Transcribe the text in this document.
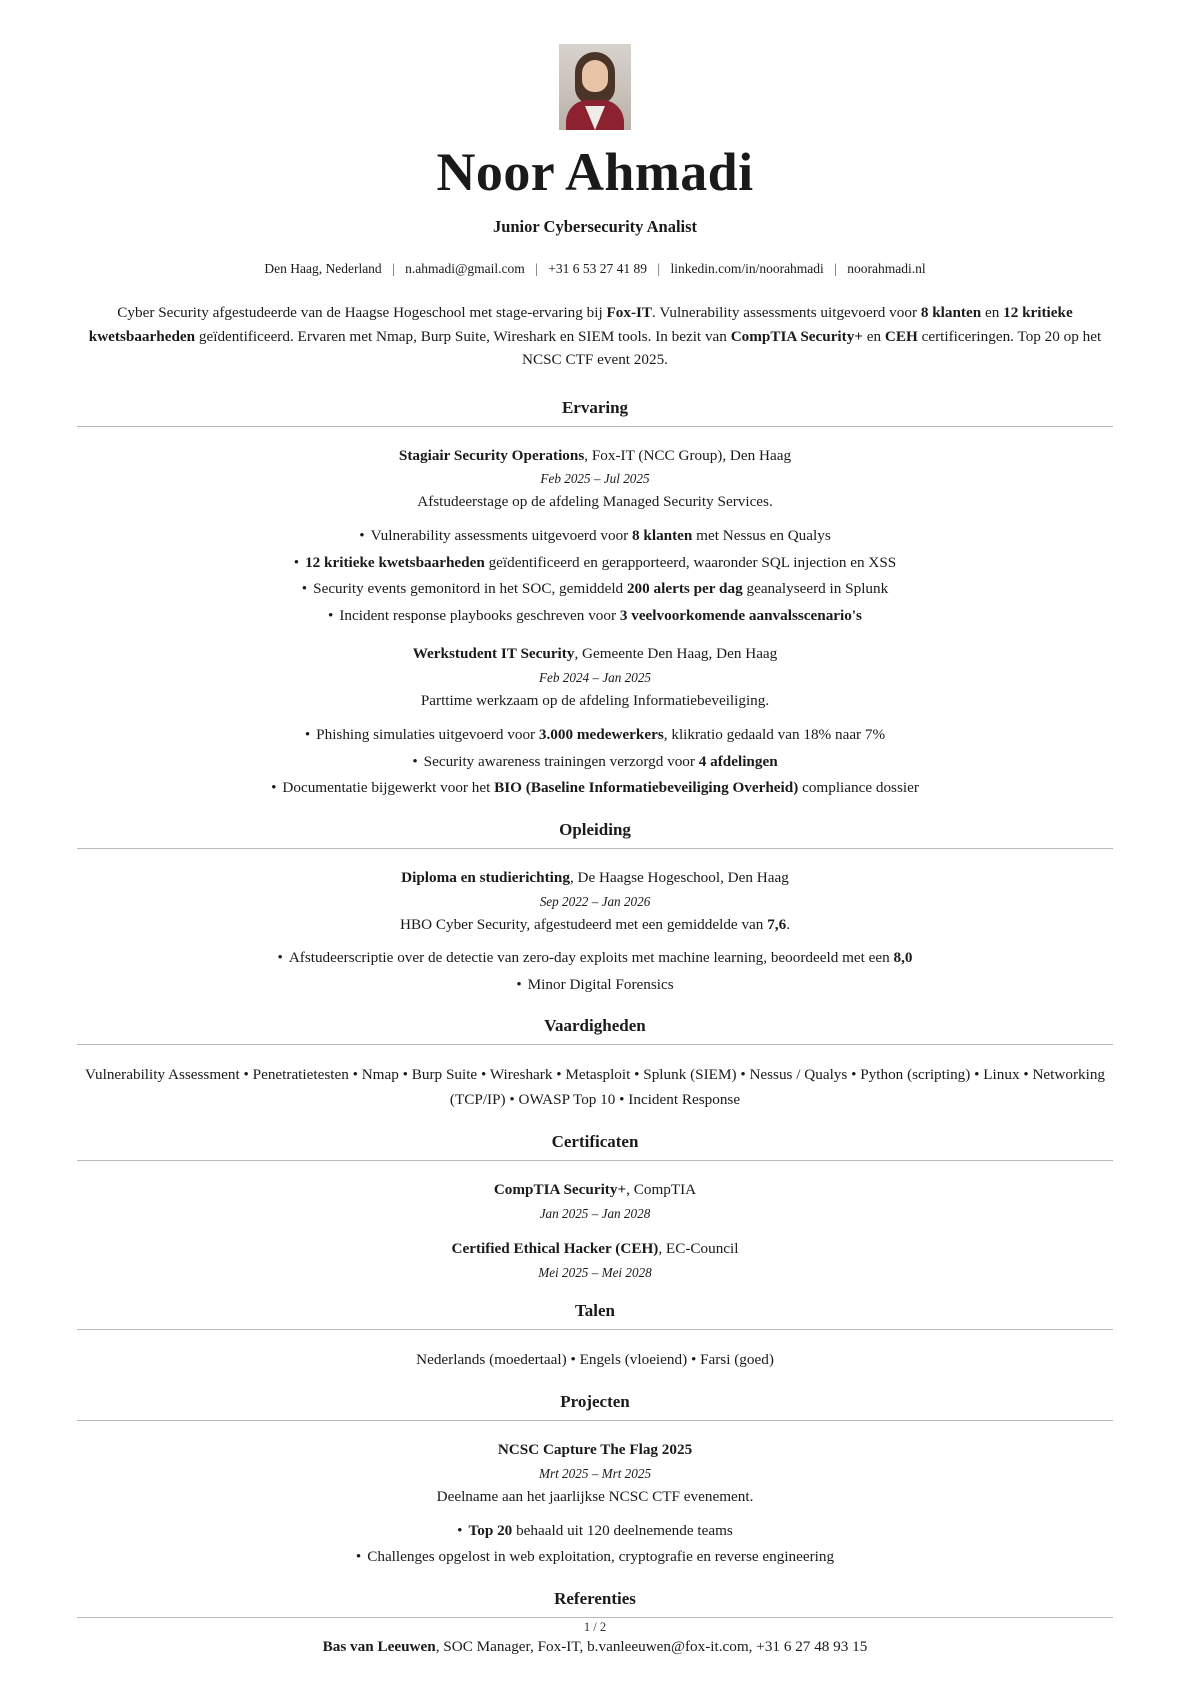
Noor Ahmadi
Junior Cybersecurity Analist
Den Haag, Nederland | n.ahmadi@gmail.com | +31 6 53 27 41 89 | linkedin.com/in/noorahmadi | noorahmadi.nl
Cyber Security afgestudeerde van de Haagse Hogeschool met stage-ervaring bij Fox-IT. Vulnerability assessments uitgevoerd voor 8 klanten en 12 kritieke kwetsbaarheden geïdentificeerd. Ervaren met Nmap, Burp Suite, Wireshark en SIEM tools. In bezit van CompTIA Security+ en CEH certificeringen. Top 20 op het NCSC CTF event 2025.
Ervaring
Stagiair Security Operations, Fox-IT (NCC Group), Den Haag
Feb 2025 – Jul 2025
Afstudeerstage op de afdeling Managed Security Services.
• Vulnerability assessments uitgevoerd voor 8 klanten met Nessus en Qualys
• 12 kritieke kwetsbaarheden geïdentificeerd en gerapporteerd, waaronder SQL injection en XSS
• Security events gemonitord in het SOC, gemiddeld 200 alerts per dag geanalyseerd in Splunk
• Incident response playbooks geschreven voor 3 veelvoorkomende aanvalsscenario's
Werkstudent IT Security, Gemeente Den Haag, Den Haag
Feb 2024 – Jan 2025
Parttime werkzaam op de afdeling Informatiebeveiliging.
• Phishing simulaties uitgevoerd voor 3.000 medewerkers, klikratio gedaald van 18% naar 7%
• Security awareness trainingen verzorgd voor 4 afdelingen
• Documentatie bijgewerkt voor het BIO (Baseline Informatiebeveiliging Overheid) compliance dossier
Opleiding
Diploma en studierichting, De Haagse Hogeschool, Den Haag
Sep 2022 – Jan 2026
HBO Cyber Security, afgestudeerd met een gemiddelde van 7,6.
• Afstudeerscriptie over de detectie van zero-day exploits met machine learning, beoordeeld met een 8,0
• Minor Digital Forensics
Vaardigheden
Vulnerability Assessment • Penetratietesten • Nmap • Burp Suite • Wireshark • Metasploit • Splunk (SIEM) • Nessus / Qualys • Python (scripting) • Linux • Networking (TCP/IP) • OWASP Top 10 • Incident Response
Certificaten
CompTIA Security+, CompTIA
Jan 2025 – Jan 2028
Certified Ethical Hacker (CEH), EC-Council
Mei 2025 – Mei 2028
Talen
Nederlands (moedertaal) • Engels (vloeiend) • Farsi (goed)
Projecten
NCSC Capture The Flag 2025
Mrt 2025 – Mrt 2025
Deelname aan het jaarlijkse NCSC CTF evenement.
• Top 20 behaald uit 120 deelnemende teams
• Challenges opgelost in web exploitation, cryptografie en reverse engineering
Referenties
Bas van Leeuwen, SOC Manager, Fox-IT, b.vanleeuwen@fox-it.com, +31 6 27 48 93 15
1 / 2
